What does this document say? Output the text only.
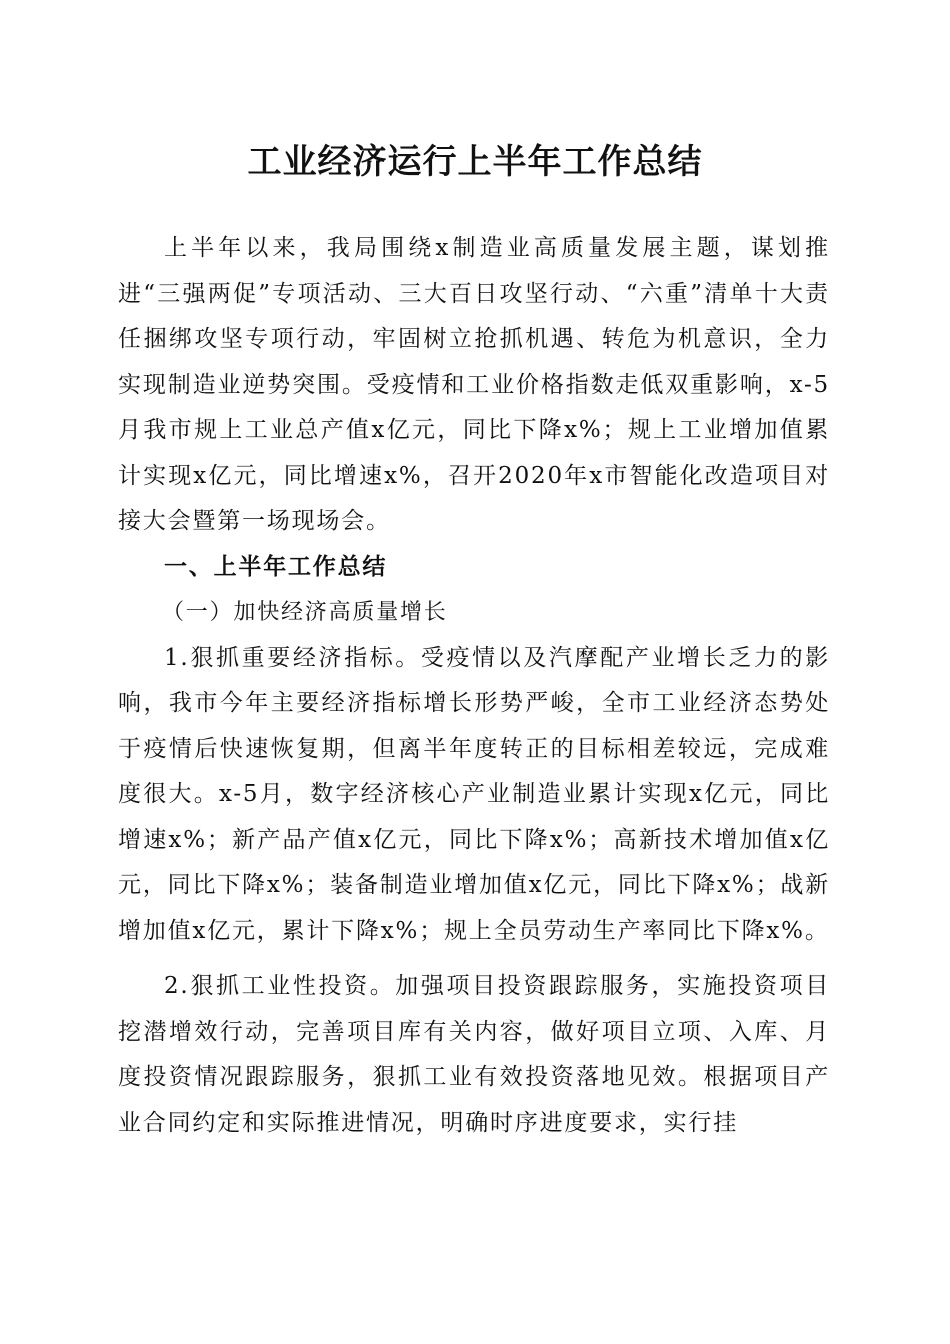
工业经济运行上半年工作总结

上半年以来，我局围绕x制造业高质量发展主题，谋划推进“三强两促”专项活动、三大百日攻坚行动、“六重”清单十大责任捆绑攻坚专项行动，牢固树立抢抓机遇、转危为机意识，全力实现制造业逆势突围。受疫情和工业价格指数走低双重影响，x-5月我市规上工业总产值x亿元，同比下降x%；规上工业增加值累计实现x亿元，同比增速x%，召开2020年x市智能化改造项目对接大会暨第一场现场会。

一、上半年工作总结

（一）加快经济高质量增长

1.狠抓重要经济指标。受疫情以及汽摩配产业增长乏力的影响，我市今年主要经济指标增长形势严峻，全市工业经济态势处于疫情后快速恢复期，但离半年度转正的目标相差较远，完成难度很大。x-5月，数字经济核心产业制造业累计实现x亿元，同比增速x%；新产品产值x亿元，同比下降x%；高新技术增加值x亿元，同比下降x%；装备制造业增加值x亿元，同比下降x%；战新增加值x亿元，累计下降x%；规上全员劳动生产率同比下降x%。

2.狠抓工业性投资。加强项目投资跟踪服务，实施投资项目挖潜增效行动，完善项目库有关内容，做好项目立项、入库、月度投资情况跟踪服务，狠抓工业有效投资落地见效。根据项目产业合同约定和实际推进情况，明确时序进度要求，实行挂
